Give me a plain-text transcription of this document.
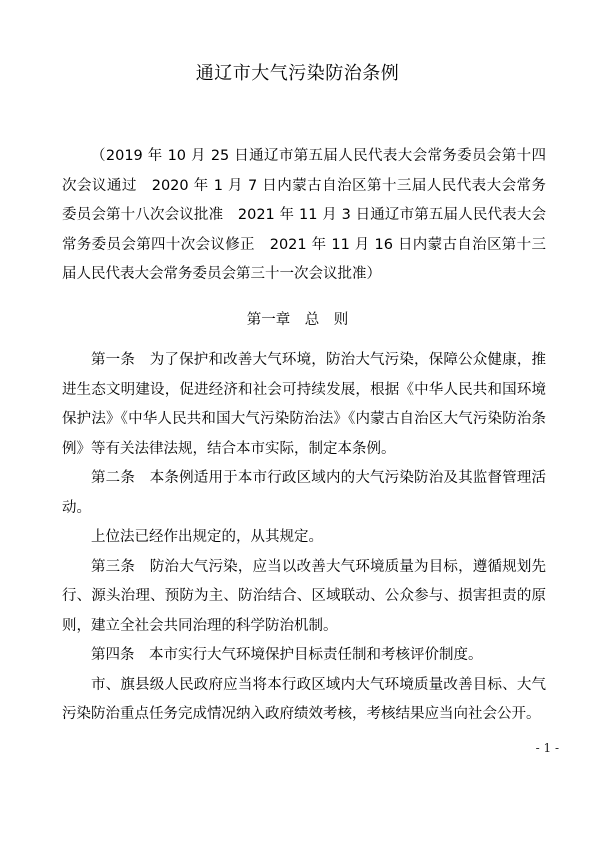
通辽市大气污染防治条例
（2019 年 10 月 25 日通辽市第五届人民代表大会常务委员会第十四次会议通过　2020 年 1 月 7 日内蒙古自治区第十三届人民代表大会常务委员会第十八次会议批准　2021 年 11 月 3 日通辽市第五届人民代表大会常务委员会第四十次会议修正　2021 年 11 月 16 日内蒙古自治区第十三届人民代表大会常务委员会第三十一次会议批准）
第一章　总　则

第一条　 为了保护和改善大气环境，防治大气污染，保障公众健康，推进生态文明建设，促进经济和社会可持续发展，根据《中华人民共和国环境保护法》《中华人民共和国大气污染防治法》《内蒙古自治区大气污染防治条例》等有关法律法规，结合本市实际，制定本条例。

第二条　 本条例适用于本市行政区域内的大气污染防治及其监督管理活动。

上位法已经作出规定的，从其规定。

第三条　 防治大气污染，应当以改善大气环境质量为目标，遵循规划先行、源头治理、预防为主、防治结合、区域联动、公众参与、损害担责的原则，建立全社会共同治理的科学防治机制。

第四条　 本市实行大气环境保护目标责任制和考核评价制度。

市、旗县级人民政府应当将本行政区域内大气环境质量改善目标、大气污染防治重点任务完成情况纳入政府绩效考核，考核结果应当向社会公开。

- 1 -
